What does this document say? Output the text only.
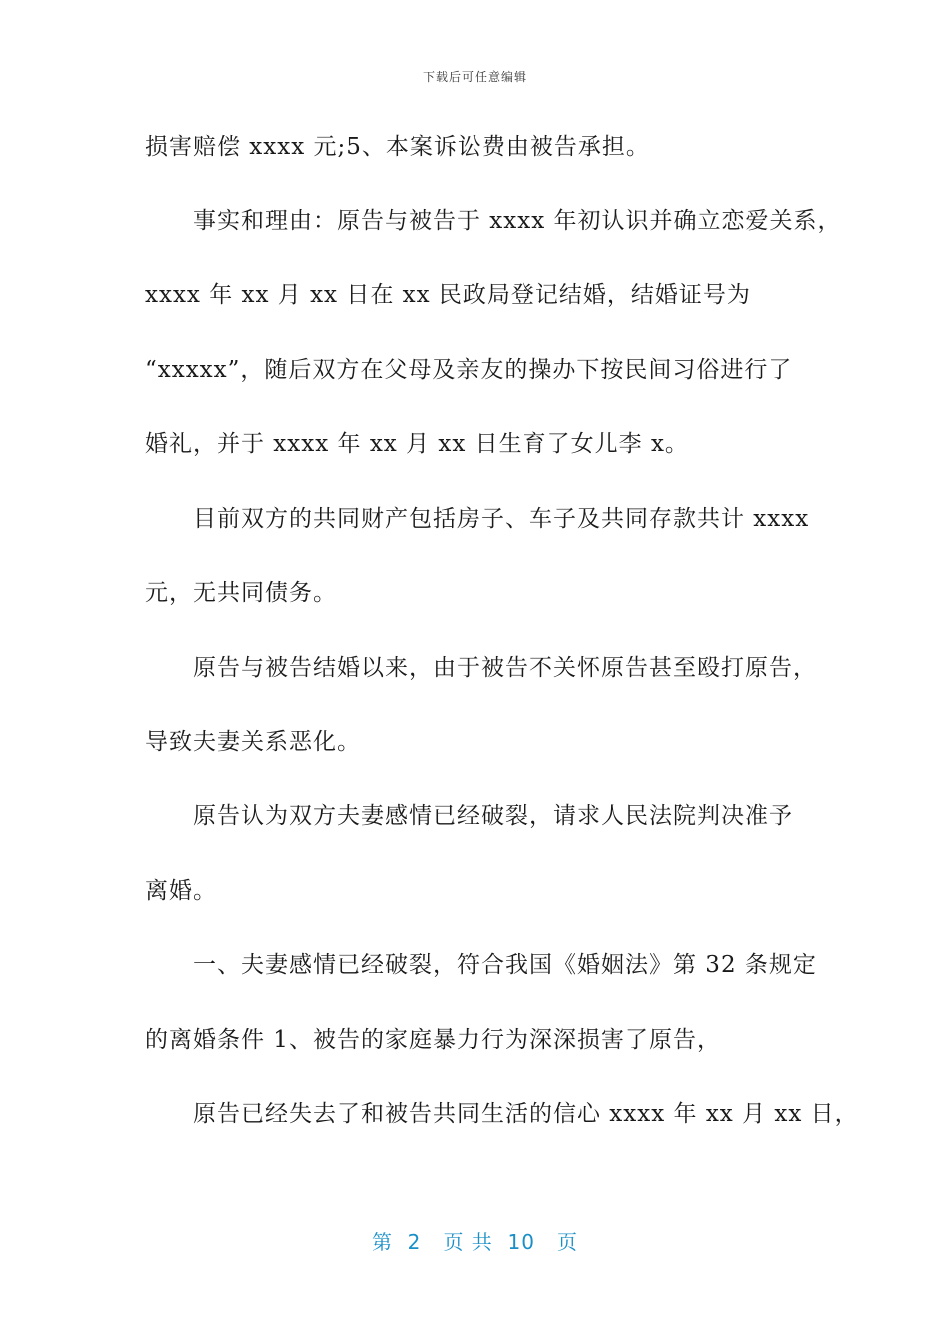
下载后可任意编辑
损害赔偿 xxxx 元;5、本案诉讼费由被告承担。
事实和理由：原告与被告于 xxxx 年初认识并确立恋爱关系，
xxxx 年 xx 月 xx 日在 xx 民政局登记结婚，结婚证号为
“xxxxx”，随后双方在父母及亲友的操办下按民间习俗进行了
婚礼，并于 xxxx 年 xx 月 xx 日生育了女儿李 x。
目前双方的共同财产包括房子、车子及共同存款共计 xxxx
元，无共同债务。
原告与被告结婚以来，由于被告不关怀原告甚至殴打原告，
导致夫妻关系恶化。
原告认为双方夫妻感情已经破裂，请求人民法院判决准予
离婚。
一、夫妻感情已经破裂，符合我国《婚姻法》第 32 条规定
的离婚条件 1、被告的家庭暴力行为深深损害了原告，
原告已经失去了和被告共同生活的信心 xxxx 年 xx 月 xx 日，
第  2   页 共  10   页
